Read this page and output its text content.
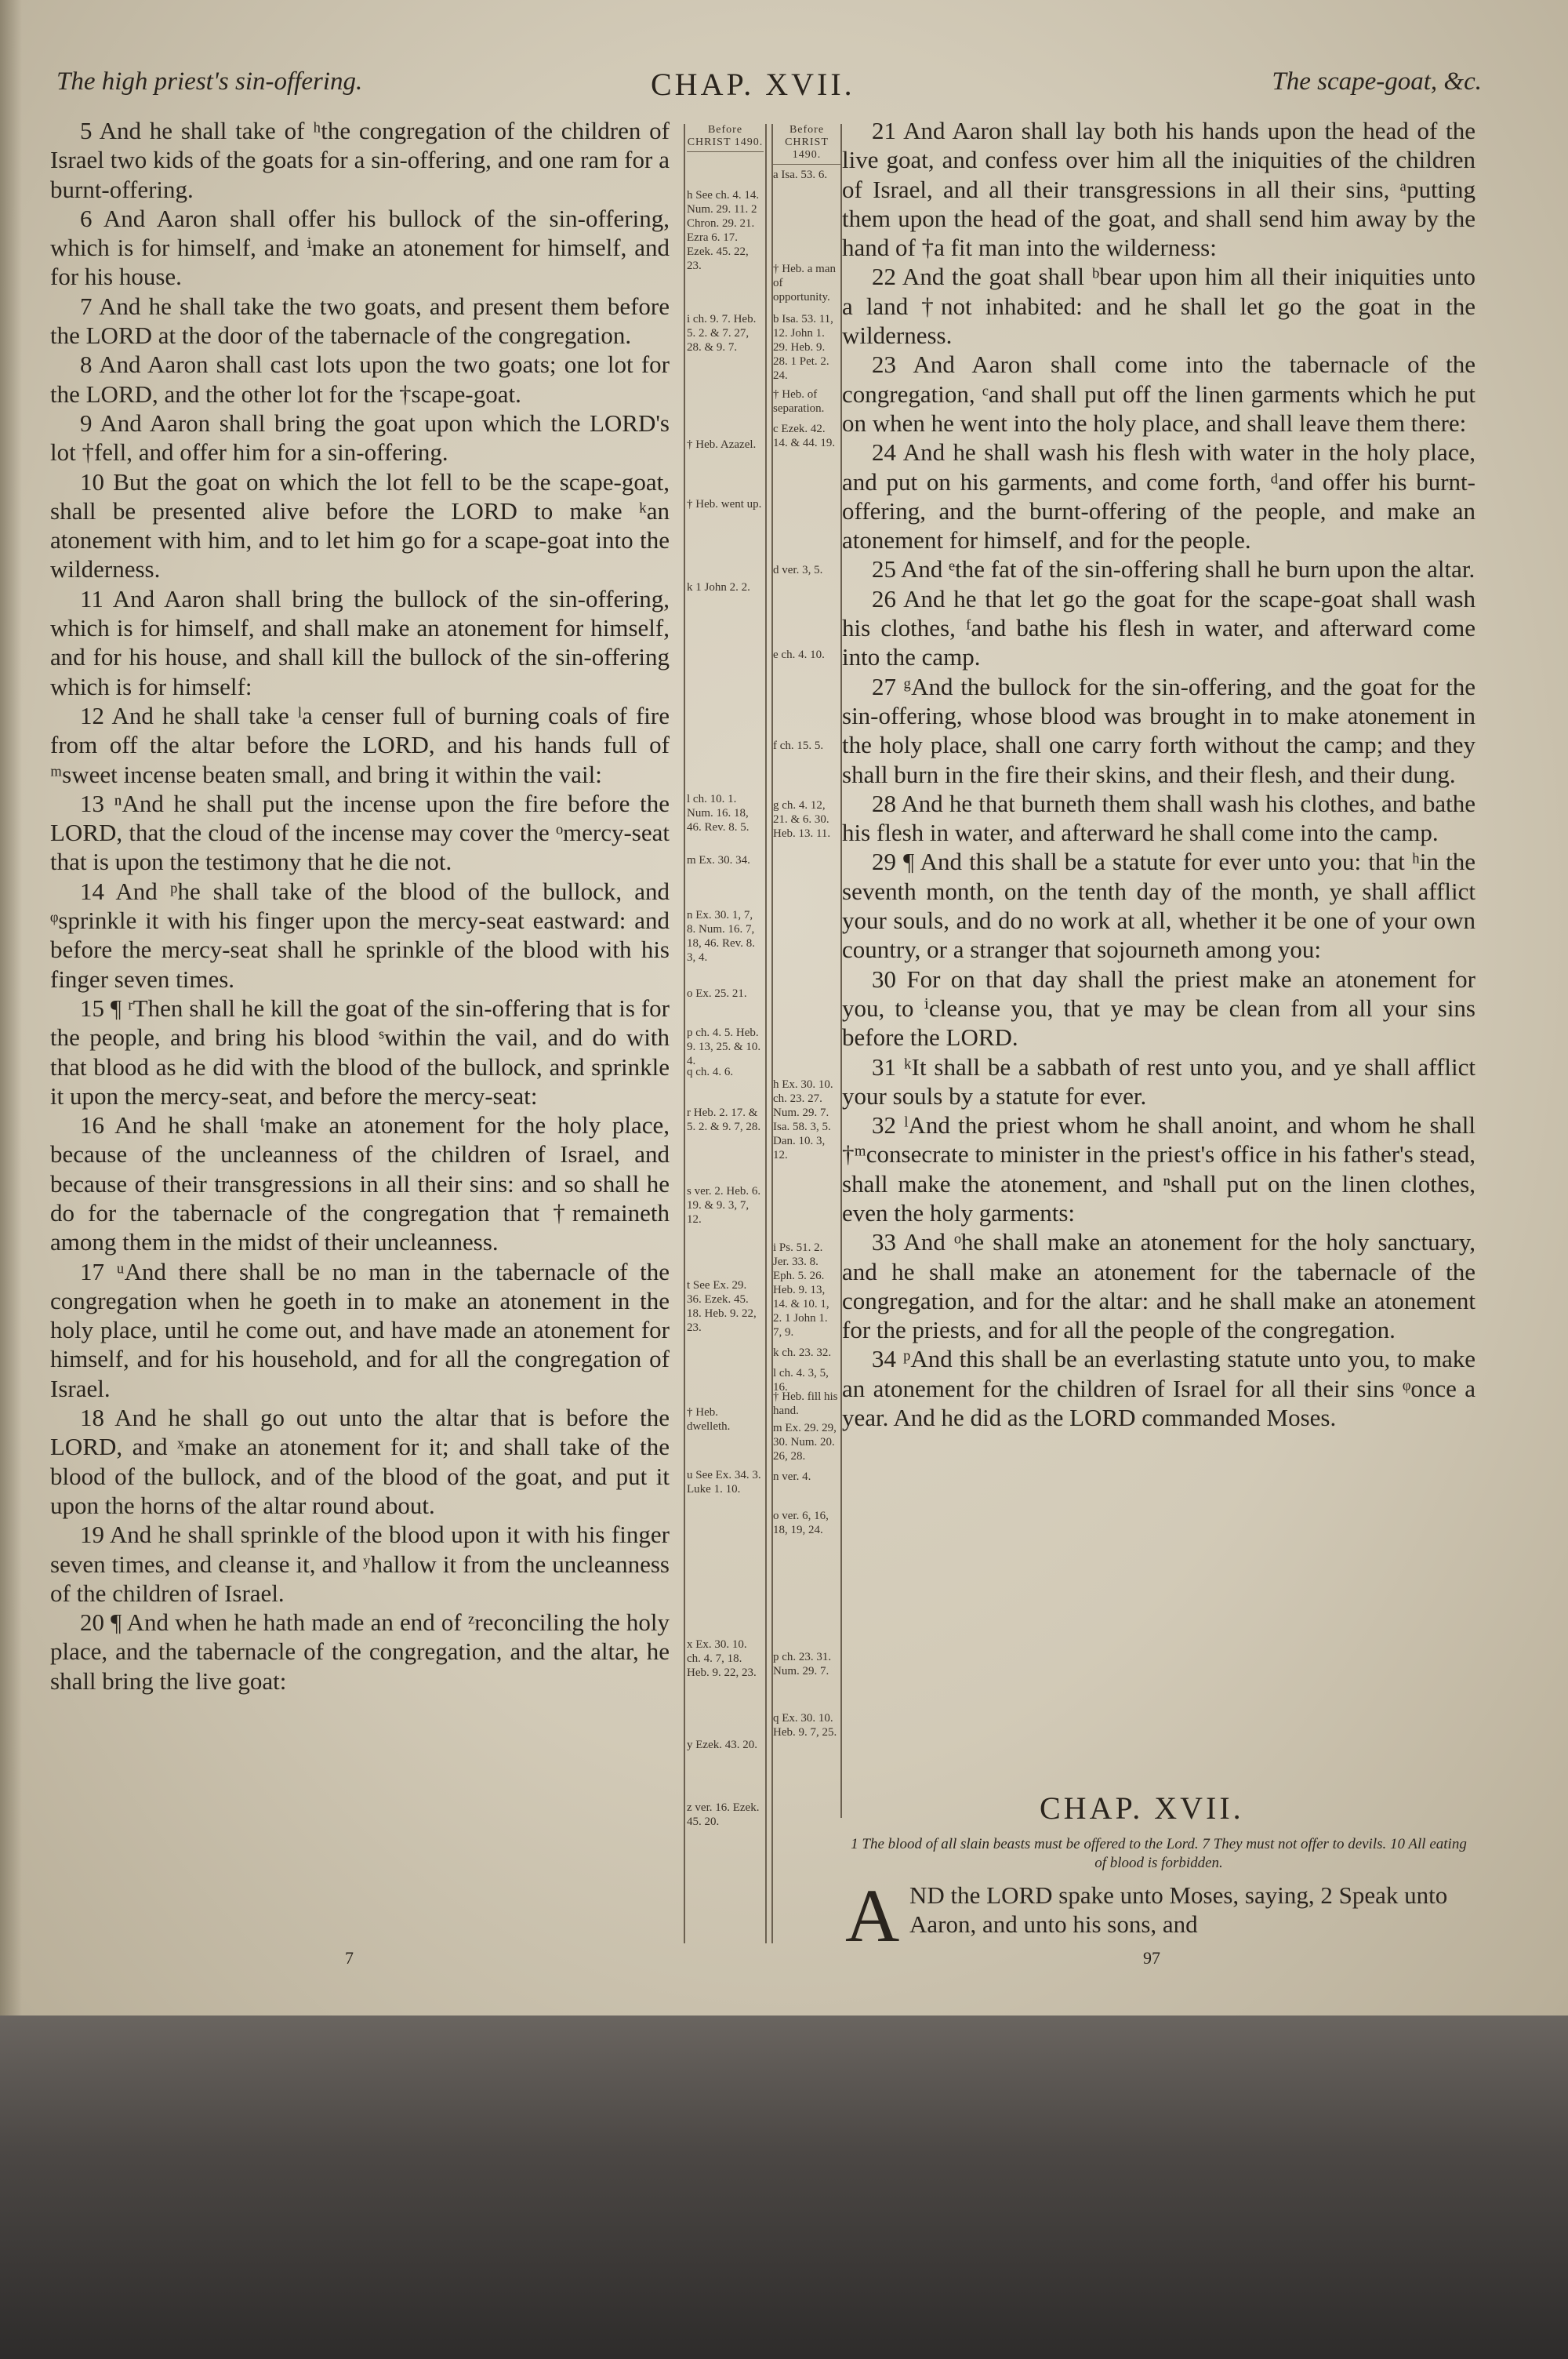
The high priest's sin-offering.	CHAP. XVII.	The scape-goat, &c.

5 And he shall take of ʰthe congregation of the children of Israel two kids of the goats for a sin-offering, and one ram for a burnt-offering.

6 And Aaron shall offer his bullock of the sin-offering, which is for himself, and ⁱmake an atonement for himself, and for his house.

7 And he shall take the two goats, and present them before the LORD at the door of the tabernacle of the congregation.

8 And Aaron shall cast lots upon the two goats; one lot for the LORD, and the other lot for the †scape-goat.

9 And Aaron shall bring the goat upon which the LORD's lot †fell, and offer him for a sin-offering.

10 But the goat on which the lot fell to be the scape-goat, shall be presented alive before the LORD to make ᵏan atonement with him, and to let him go for a scape-goat into the wilderness.

11 And Aaron shall bring the bullock of the sin-offering, which is for himself, and shall make an atonement for himself, and for his house, and shall kill the bullock of the sin-offering which is for himself:

12 And he shall take ˡa censer full of burning coals of fire from off the altar before the LORD, and his hands full of ᵐsweet incense beaten small, and bring it within the vail:

13 ⁿAnd he shall put the incense upon the fire before the LORD, that the cloud of the incense may cover the ᵒmercy-seat that is upon the testimony that he die not.

14 And ᵖhe shall take of the blood of the bullock, and ᵠsprinkle it with his finger upon the mercy-seat eastward: and before the mercy-seat shall he sprinkle of the blood with his finger seven times.

15 ¶ ʳThen shall he kill the goat of the sin-offering that is for the people, and bring his blood ˢwithin the vail, and do with that blood as he did with the blood of the bullock, and sprinkle it upon the mercy-seat, and before the mercy-seat:

16 And he shall ᵗmake an atonement for the holy place, because of the uncleanness of the children of Israel, and because of their transgressions in all their sins: and so shall he do for the tabernacle of the congregation that †remaineth among them in the midst of their uncleanness.

17 ᵘAnd there shall be no man in the tabernacle of the congregation when he goeth in to make an atonement in the holy place, until he come out, and have made an atonement for himself, and for his household, and for all the congregation of Israel.

18 And he shall go out unto the altar that is before the LORD, and ˣmake an atonement for it; and shall take of the blood of the bullock, and of the blood of the goat, and put it upon the horns of the altar round about.

19 And he shall sprinkle of the blood upon it with his finger seven times, and cleanse it, and ʸhallow it from the uncleanness of the children of Israel.

20 ¶ And when he hath made an end of ᶻreconciling the holy place, and the tabernacle of the congregation, and the altar, he shall bring the live goat:

Before CHRIST 1490.
h See ch. 4. 14. Num. 29. 11. 2 Chron. 29. 21. Ezra 6. 17. Ezek. 45. 22, 23.
i ch. 9. 7. Heb. 5. 2. & 7. 27, 28. & 9. 7.
† Heb. Azazel.
† Heb. went up.
k 1 John 2. 2.
l ch. 10. 1. Num. 16. 18, 46. Rev. 8. 5.
m Ex. 30. 34.
n Ex. 30. 1, 7, 8. Num. 16. 7, 18, 46. Rev. 8. 3, 4.
o Ex. 25. 21.
p ch. 4. 5. Heb. 9. 13, 25. & 10. 4.
q ch. 4. 6.
r Heb. 2. 17. & 5. 2. & 9. 7, 28.
s ver. 2. Heb. 6. 19. & 9. 3, 7, 12.
t See Ex. 29. 36. Ezek. 45. 18. Heb. 9. 22, 23.
† Heb. dwelleth.
u See Ex. 34. 3. Luke 1. 10.
x Ex. 30. 10. ch. 4. 7, 18. Heb. 9. 22, 23.
y Ezek. 43. 20.
z ver. 16. Ezek. 45. 20.
Before CHRIST 1490.
a Isa. 53. 6.
† Heb. a man of opportunity.
b Isa. 53. 11, 12. John 1. 29. Heb. 9. 28. 1 Pet. 2. 24.
† Heb. of separation.
c Ezek. 42. 14. & 44. 19.
d ver. 3, 5.
e ch. 4. 10.
f ch. 15. 5.
g ch. 4. 12, 21. & 6. 30. Heb. 13. 11.
h Ex. 30. 10. ch. 23. 27. Num. 29. 7. Isa. 58. 3, 5. Dan. 10. 3, 12.
i Ps. 51. 2. Jer. 33. 8. Eph. 5. 26. Heb. 9. 13, 14. & 10. 1, 2. 1 John 1. 7, 9.
k ch. 23. 32.
l ch. 4. 3, 5, 16.
† Heb. fill his hand.
m Ex. 29. 29, 30. Num. 20. 26, 28.
n ver. 4.
o ver. 6, 16, 18, 19, 24.
p ch. 23. 31. Num. 29. 7.
q Ex. 30. 10. Heb. 9. 7, 25.

21 And Aaron shall lay both his hands upon the head of the live goat, and confess over him all the iniquities of the children of Israel, and all their transgressions in all their sins, ᵃputting them upon the head of the goat, and shall send him away by the hand of †a fit man into the wilderness:

22 And the goat shall ᵇbear upon him all their iniquities unto a land †not inhabited: and he shall let go the goat in the wilderness.

23 And Aaron shall come into the tabernacle of the congregation, ᶜand shall put off the linen garments which he put on when he went into the holy place, and shall leave them there:

24 And he shall wash his flesh with water in the holy place, and put on his garments, and come forth, ᵈand offer his burnt-offering, and the burnt-offering of the people, and make an atonement for himself, and for the people.

25 And ᵉthe fat of the sin-offering shall he burn upon the altar.

26 And he that let go the goat for the scape-goat shall wash his clothes, ᶠand bathe his flesh in water, and afterward come into the camp.

27 ᵍAnd the bullock for the sin-offering, and the goat for the sin-offering, whose blood was brought in to make atonement in the holy place, shall one carry forth without the camp; and they shall burn in the fire their skins, and their flesh, and their dung.

28 And he that burneth them shall wash his clothes, and bathe his flesh in water, and afterward he shall come into the camp.

29 ¶ And this shall be a statute for ever unto you: that ʰin the seventh month, on the tenth day of the month, ye shall afflict your souls, and do no work at all, whether it be one of your own country, or a stranger that sojourneth among you:

30 For on that day shall the priest make an atonement for you, to ⁱcleanse you, that ye may be clean from all your sins before the LORD.

31 ᵏIt shall be a sabbath of rest unto you, and ye shall afflict your souls by a statute for ever.

32 ˡAnd the priest whom he shall anoint, and whom he shall †ᵐconsecrate to minister in the priest's office in his father's stead, shall make the atonement, and ⁿshall put on the linen clothes, even the holy garments:

33 And ᵒhe shall make an atonement for the holy sanctuary, and he shall make an atonement for the tabernacle of the congregation, and for the altar: and he shall make an atonement for the priests, and for all the people of the congregation.

34 ᵖAnd this shall be an everlasting statute unto you, to make an atonement for the children of Israel for all their sins ᵠonce a year. And he did as the LORD commanded Moses.

CHAP. XVII.
1 The blood of all slain beasts must be offered to the Lord. 7 They must not offer to devils. 10 All eating of blood is forbidden.
A ND the LORD spake unto Moses, saying, 2 Speak unto Aaron, and unto his sons, and
7	97
